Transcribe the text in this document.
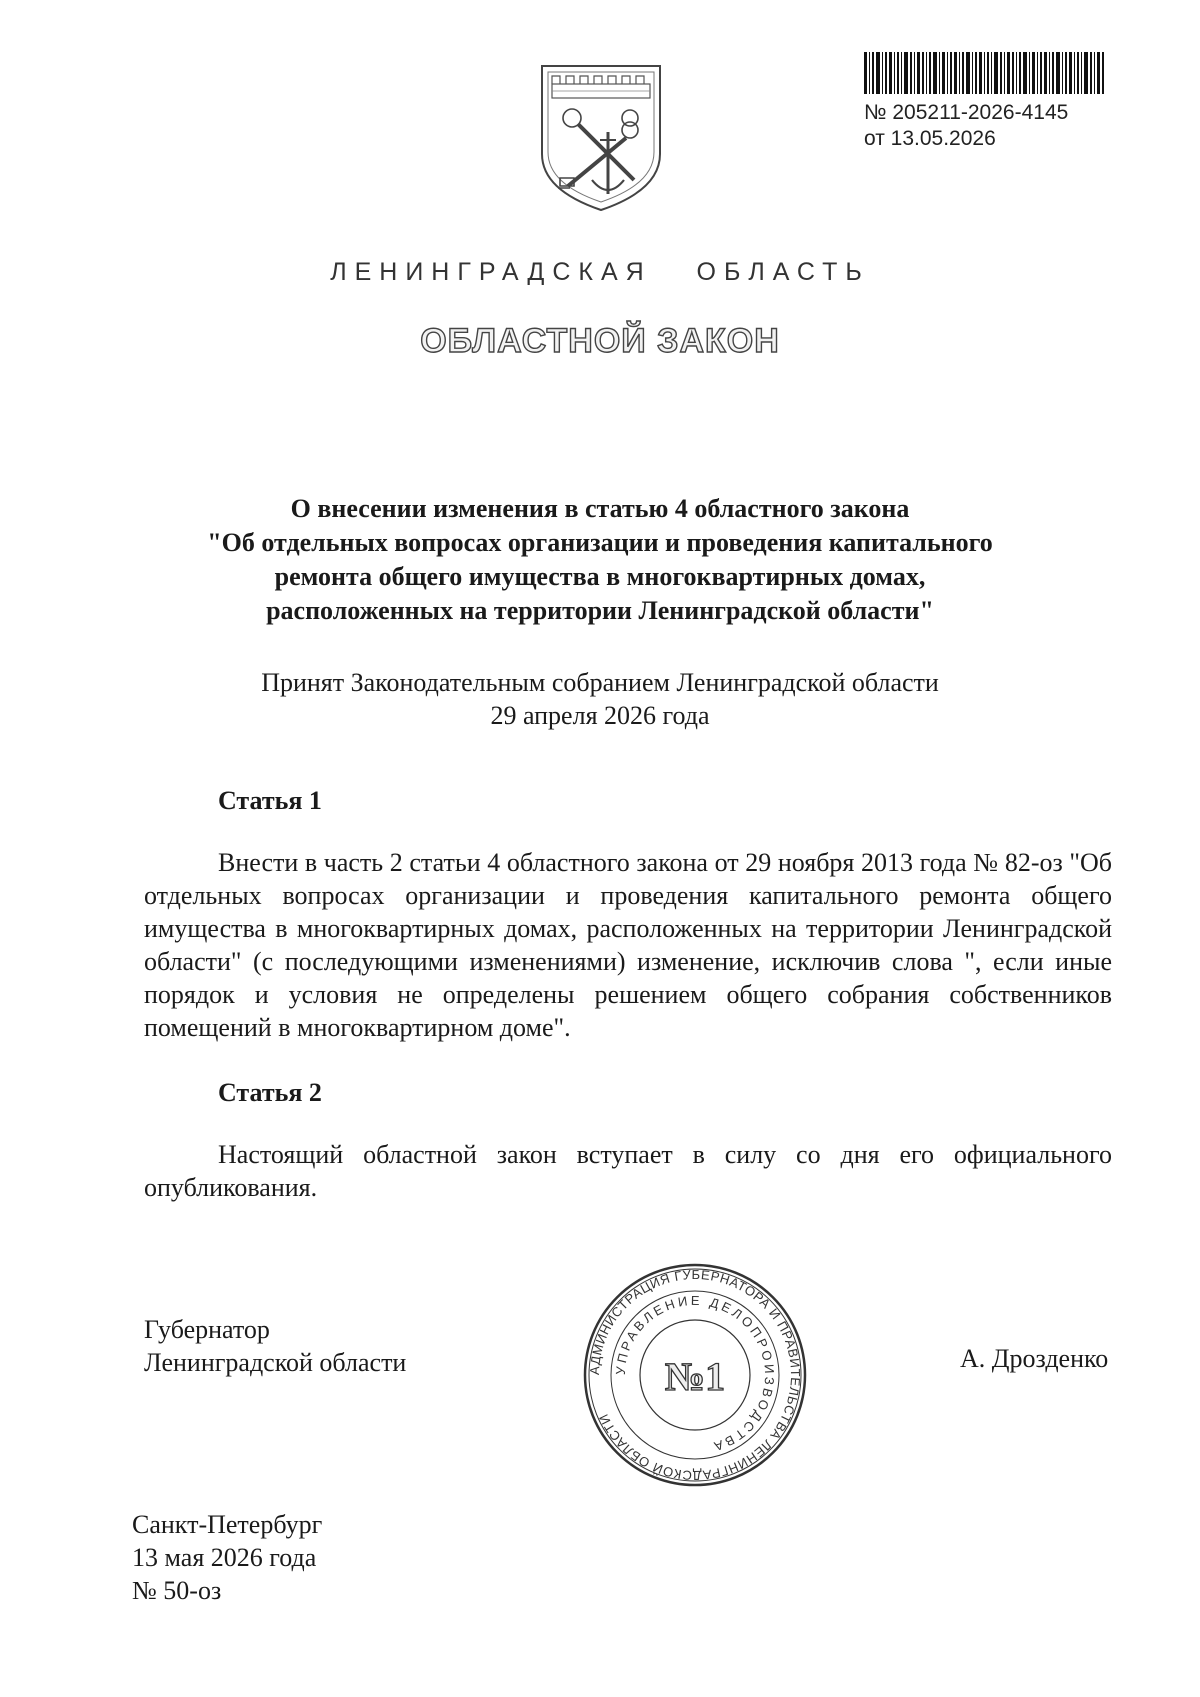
№ 205211-2026-4145
от 13.05.2026
ЛЕНИНГРАДСКАЯ   ОБЛАСТЬ
ОБЛАСТНОЙ ЗАКОН
О внесении изменения в статью 4 областного закона
"Об отдельных вопросах организации и проведения капитального
ремонта общего имущества в многоквартирных домах,
расположенных на территории Ленинградской области"
Принят Законодательным собранием Ленинградской области
29 апреля 2026 года
Статья 1
Внести в часть 2 статьи 4 областного закона от 29 ноября 2013 года № 82-оз "Об отдельных вопросах организации и проведения капитального ремонта общего имущества в многоквартирных домах, расположенных на территории Ленинградской области" (с последующими изменениями) изменение, исключив слова ", если иные порядок и условия не определены решением общего собрания собственников помещений в многоквартирном доме".
Статья 2
Настоящий областной закон вступает в силу со дня его официального опубликования.
Губернатор
Ленинградской области	АДМИНИСТРАЦИЯ ГУБЕРНАТОРА И ПРАВИТЕЛЬСТВА ЛЕНИНГРАДСКОЙ ОБЛАСТИ
УПРАВЛЕНИЕ ДЕЛОПРОИЗВОДСТВА
№1	А. Дрозденко
Санкт-Петербург
13 мая 2026 года
№ 50-оз
